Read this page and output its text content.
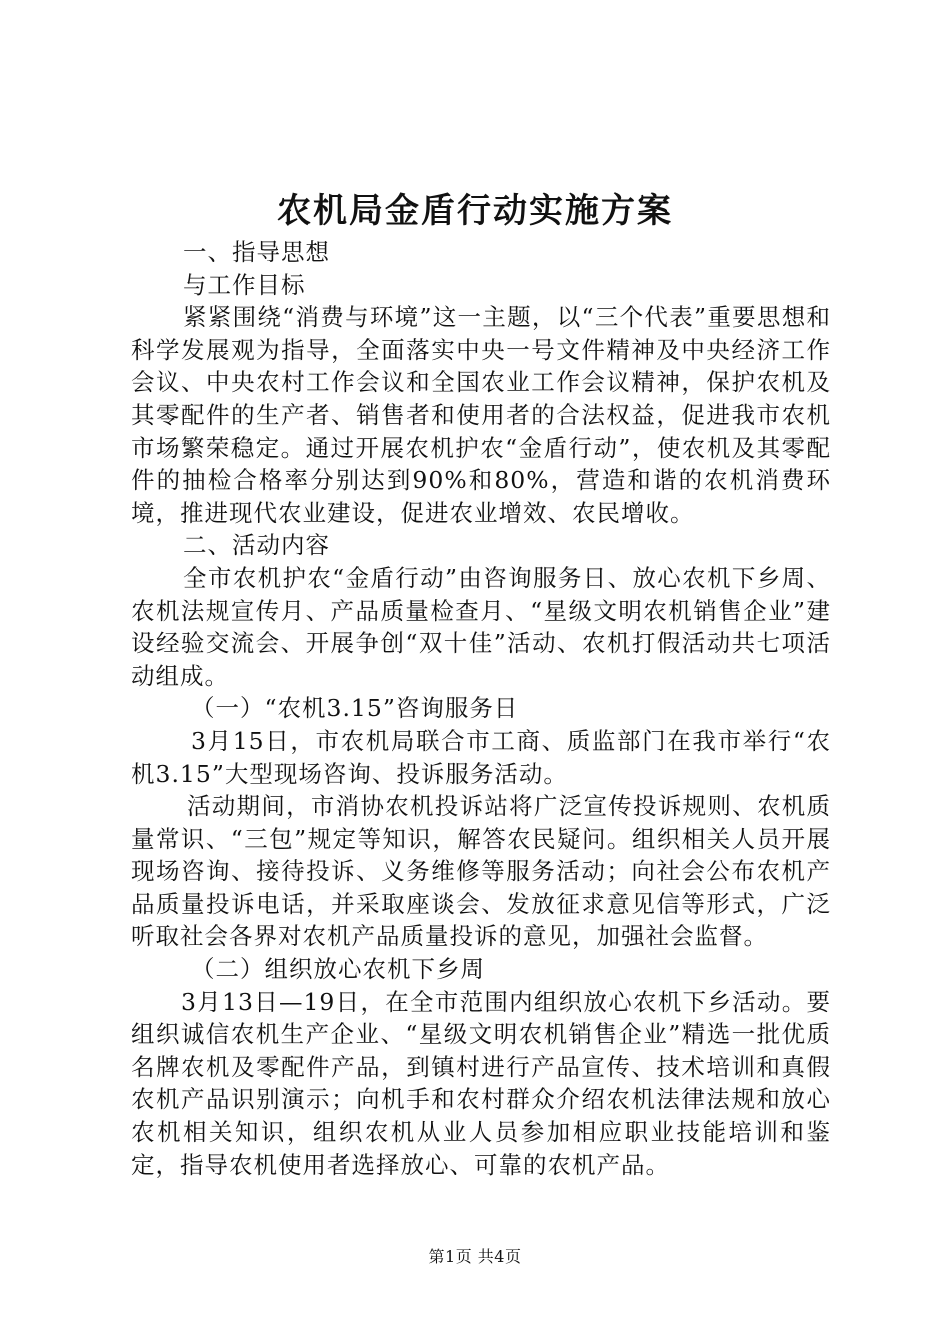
农机局金盾行动实施方案

一、指导思想

与工作目标

紧紧围绕“消费与环境”这一主题，以“三个代表”重要思想和科学发展观为指导，全面落实中央一号文件精神及中央经济工作会议、中央农村工作会议和全国农业工作会议精神，保护农机及其零配件的生产者、销售者和使用者的合法权益，促进我市农机市场繁荣稳定。通过开展农机护农“金盾行动”，使农机及其零配件的抽检合格率分别达到90%和80%，营造和谐的农机消费环境，推进现代农业建设，促进农业增效、农民增收。

二、活动内容

全市农机护农“金盾行动”由咨询服务日、放心农机下乡周、农机法规宣传月、产品质量检查月、“星级文明农机销售企业”建设经验交流会、开展争创“双十佳”活动、农机打假活动共七项活动组成。

（一）“农机3.15”咨询服务日

3月15日，市农机局联合市工商、质监部门在我市举行“农机3.15”大型现场咨询、投诉服务活动。

活动期间，市消协农机投诉站将广泛宣传投诉规则、农机质量常识、“三包”规定等知识，解答农民疑问。组织相关人员开展现场咨询、接待投诉、义务维修等服务活动；向社会公布农机产品质量投诉电话，并采取座谈会、发放征求意见信等形式，广泛听取社会各界对农机产品质量投诉的意见，加强社会监督。

（二）组织放心农机下乡周

3月13日—19日，在全市范围内组织放心农机下乡活动。要组织诚信农机生产企业、“星级文明农机销售企业”精选一批优质名牌农机及零配件产品，到镇村进行产品宣传、技术培训和真假农机产品识别演示；向机手和农村群众介绍农机法律法规和放心农机相关知识，组织农机从业人员参加相应职业技能培训和鉴定，指导农机使用者选择放心、可靠的农机产品。

第1页 共4页
